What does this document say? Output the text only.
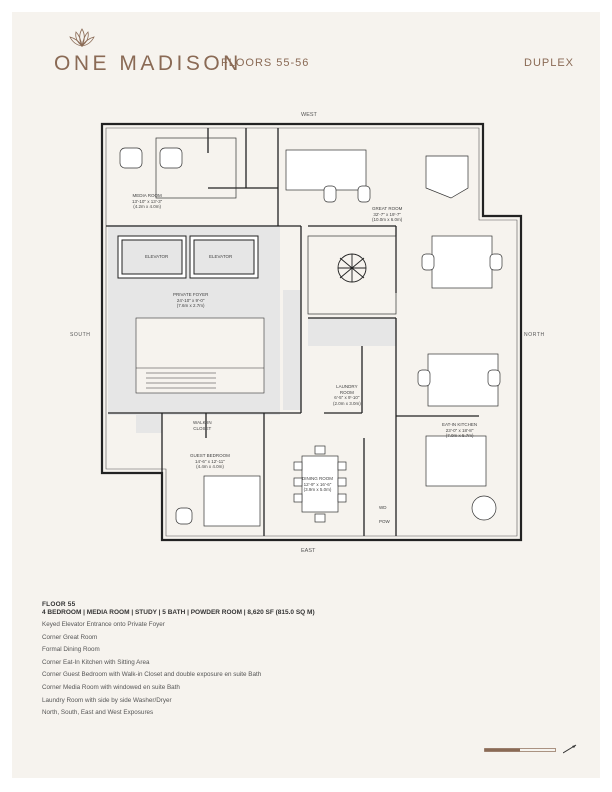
ONE MADISON
FLOORS 55-56	DUPLEX
WEST
EAST
SOUTH	NORTH
MEDIA ROOM
13'-10" x 13'-3"
(4.2m x 4.0m)	GREAT ROOM
32'-7" x 19'-7"
(10.0m x 6.0m)
ELEVATOR	ELEVATOR
PRIVATE FOYER
24'-10" x 9'-0"
(7.6m x 2.7m)
LAUNDRY
ROOM
6'-5" x 9'-10"
(2.0m x 3.0m)
WALK-IN
CLOSET
GUEST BEDROOM
14'-6" x 12'-11"
(4.4m x 4.0m)
DINING ROOM
12'-9" x 16'-6"
(3.9m x 5.0m)
EAT-IN KITCHEN
23'-0" x 18'-8"
(7.0m x 5.7m)
WD
POW
FLOOR 55
4 BEDROOM | MEDIA ROOM | STUDY | 5 BATH | POWDER ROOM | 8,620 SF (815.0 SQ M)
Keyed Elevator Entrance onto Private Foyer
Corner Great Room
Formal Dining Room
Corner Eat-In Kitchen with Sitting Area
Corner Guest Bedroom with Walk-in Closet and double exposure en suite Bath
Corner Media Room with windowed en suite Bath
Laundry Room with side by side Washer/Dryer
North, South, East and West Exposures
